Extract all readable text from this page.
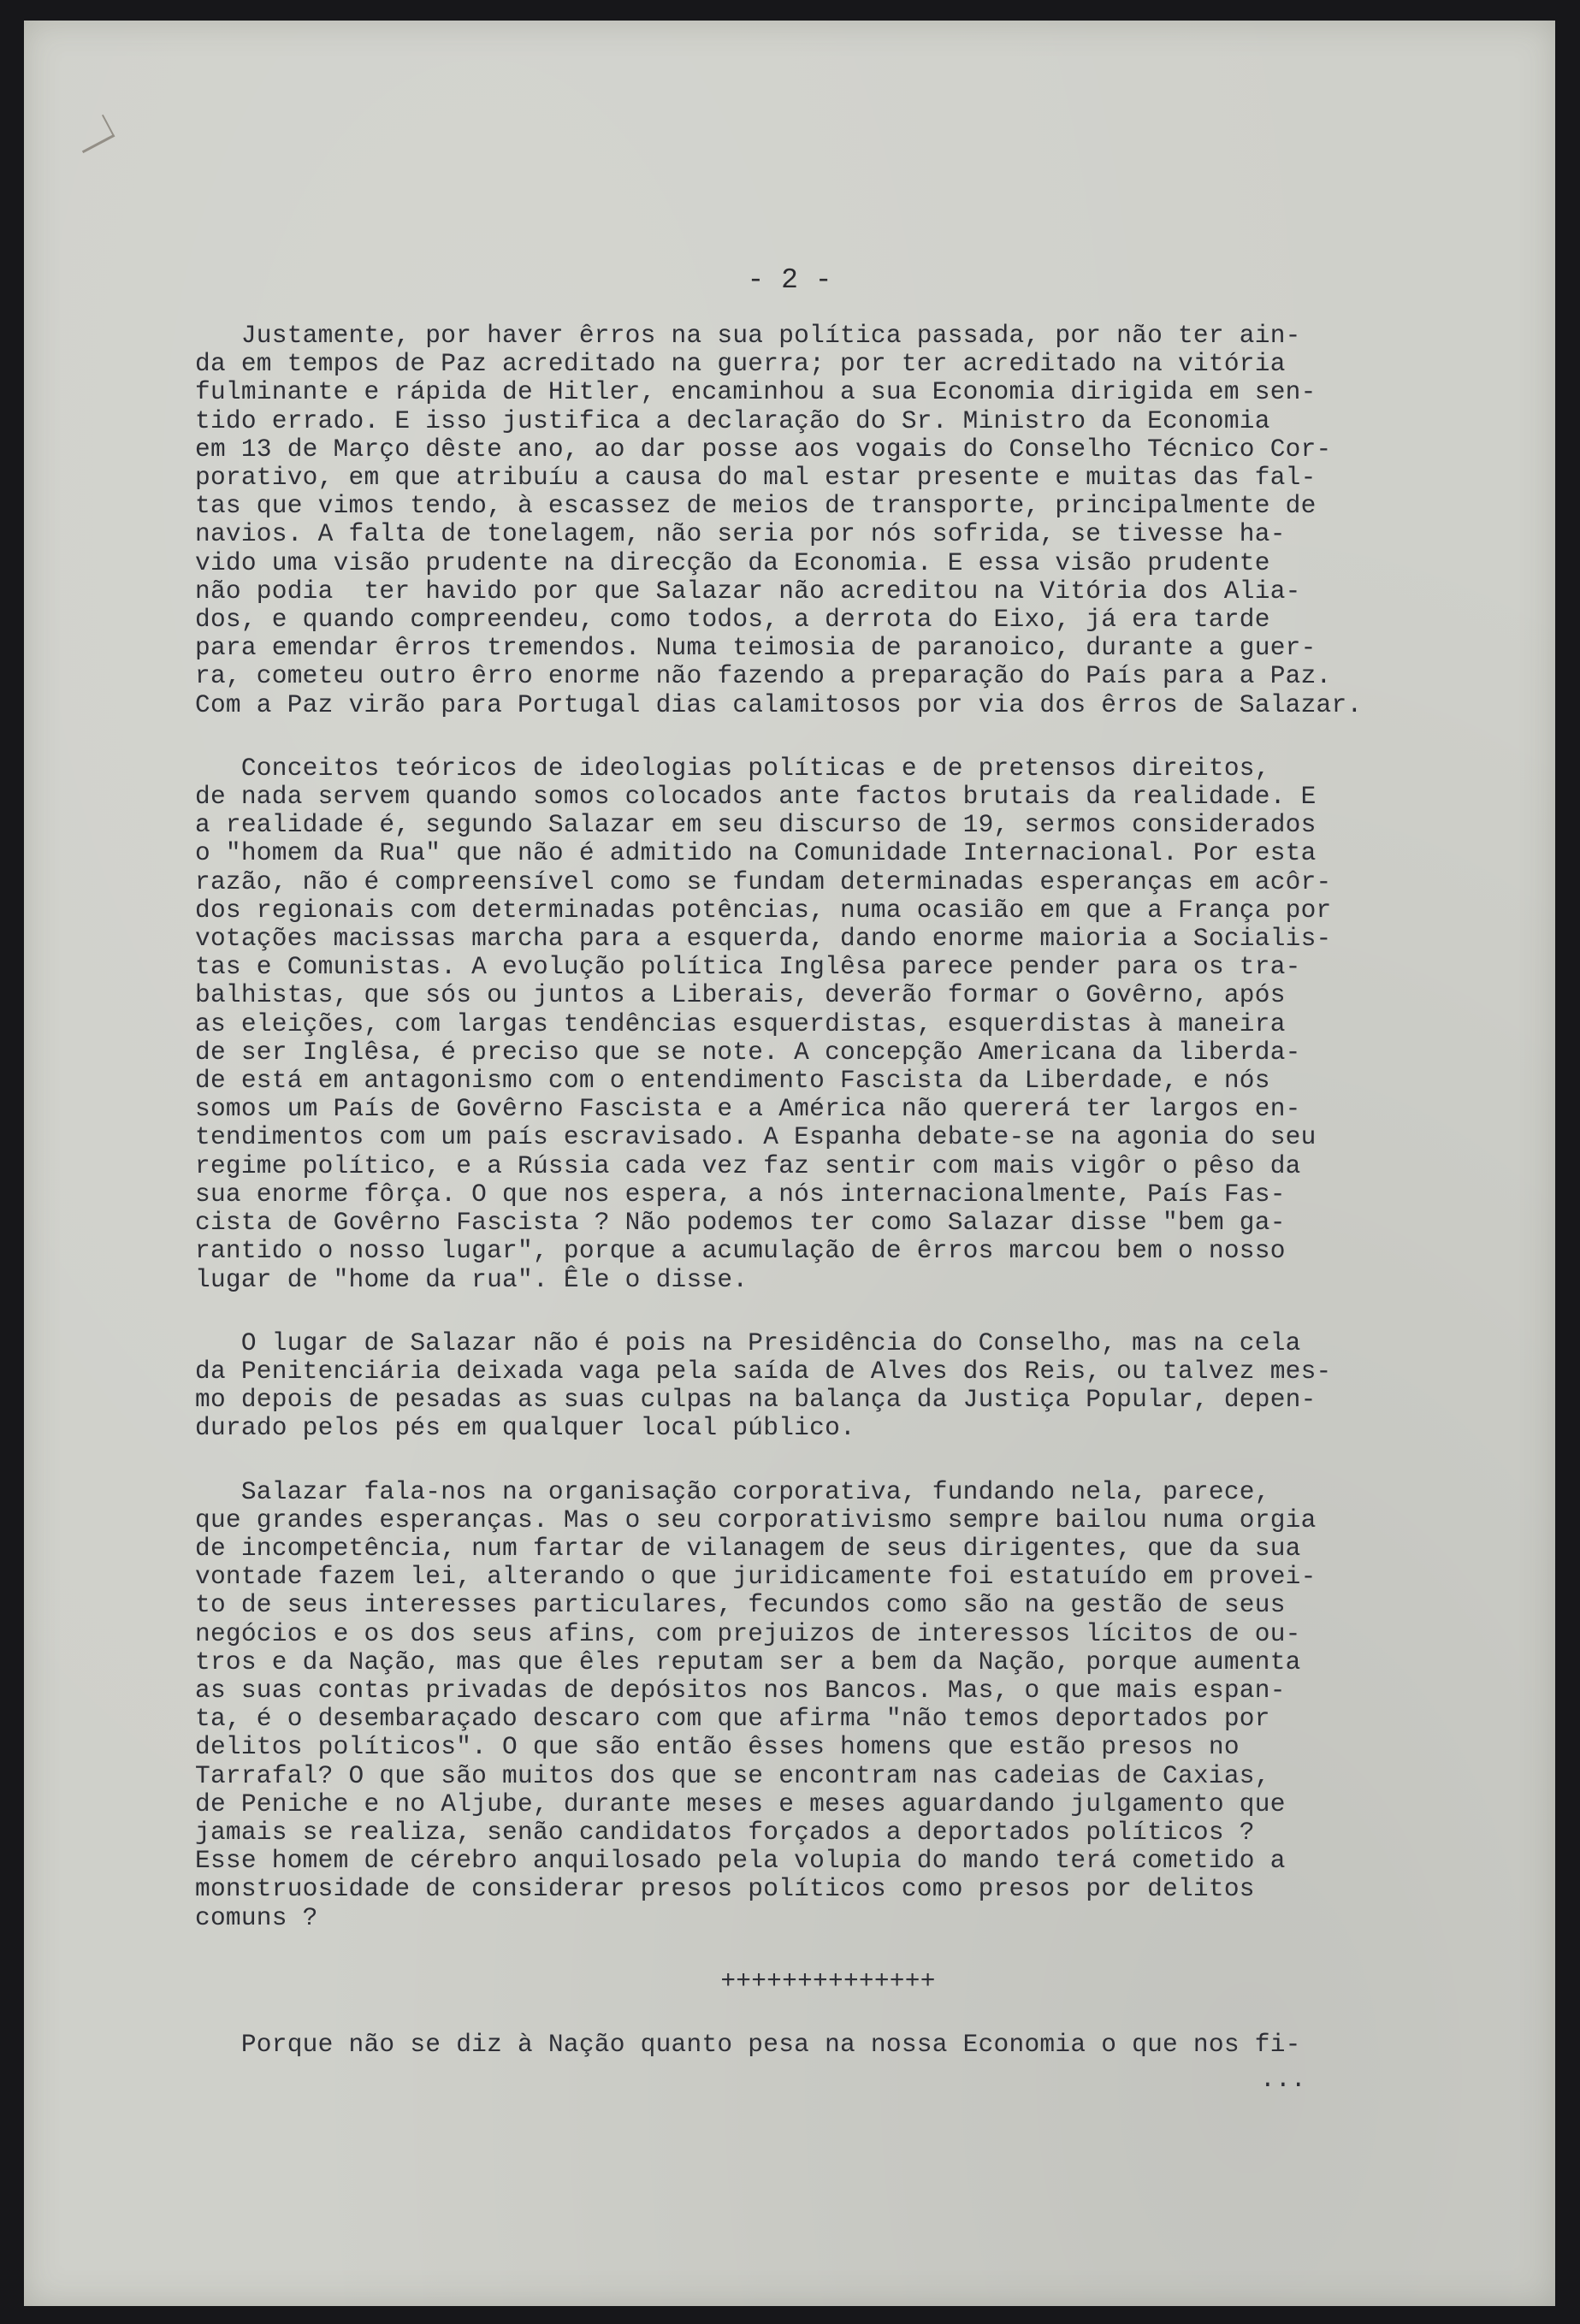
- 2 -
Justamente, por haver êrros na sua política passada, por não ter ain-
da em tempos de Paz acreditado na guerra; por ter acreditado na vitória
fulminante e rápida de Hitler, encaminhou a sua Economia dirigida em sen-
tido errado. E isso justifica a declaração do Sr. Ministro da Economia
em 13 de Março dêste ano, ao dar posse aos vogais do Conselho Técnico Cor-
porativo, em que atribuíu a causa do mal estar presente e muitas das fal-
tas que vimos tendo, à escassez de meios de transporte, principalmente de
navios. A falta de tonelagem, não seria por nós sofrida, se tivesse ha-
vido uma visão prudente na direcção da Economia. E essa visão prudente
não podia  ter havido por que Salazar não acreditou na Vitória dos Alia-
dos, e quando compreendeu, como todos, a derrota do Eixo, já era tarde
para emendar êrros tremendos. Numa teimosia de paranoico, durante a guer-
ra, cometeu outro êrro enorme não fazendo a preparação do País para a Paz.
Com a Paz virão para Portugal dias calamitosos por via dos êrros de Salazar.
Conceitos teóricos de ideologias políticas e de pretensos direitos,
de nada servem quando somos colocados ante factos brutais da realidade. E
a realidade é, segundo Salazar em seu discurso de 19, sermos considerados
o "homem da Rua" que não é admitido na Comunidade Internacional. Por esta
razão, não é compreensível como se fundam determinadas esperanças em acôr-
dos regionais com determinadas potências, numa ocasião em que a França por
votações macissas marcha para a esquerda, dando enorme maioria a Socialis-
tas e Comunistas. A evolução política Inglêsa parece pender para os tra-
balhistas, que sós ou juntos a Liberais, deverão formar o Govêrno, após
as eleições, com largas tendências esquerdistas, esquerdistas à maneira
de ser Inglêsa, é preciso que se note. A concepção Americana da liberda-
de está em antagonismo com o entendimento Fascista da Liberdade, e nós
somos um País de Govêrno Fascista e a América não quererá ter largos en-
tendimentos com um país escravisado. A Espanha debate-se na agonia do seu
regime político, e a Rússia cada vez faz sentir com mais vigôr o pêso da
sua enorme fôrça. O que nos espera, a nós internacionalmente, País Fas-
cista de Govêrno Fascista ? Não podemos ter como Salazar disse "bem ga-
rantido o nosso lugar", porque a acumulação de êrros marcou bem o nosso
lugar de "home da rua". Êle o disse.
O lugar de Salazar não é pois na Presidência do Conselho, mas na cela
da Penitenciária deixada vaga pela saída de Alves dos Reis, ou talvez mes-
mo depois de pesadas as suas culpas na balança da Justiça Popular, depen-
durado pelos pés em qualquer local público.
Salazar fala-nos na organisação corporativa, fundando nela, parece,
que grandes esperanças. Mas o seu corporativismo sempre bailou numa orgia
de incompetência, num fartar de vilanagem de seus dirigentes, que da sua
vontade fazem lei, alterando o que juridicamente foi estatuído em provei-
to de seus interesses particulares, fecundos como são na gestão de seus
negócios e os dos seus afins, com prejuizos de interessos lícitos de ou-
tros e da Nação, mas que êles reputam ser a bem da Nação, porque aumenta
as suas contas privadas de depósitos nos Bancos. Mas, o que mais espan-
ta, é o desembaraçado descaro com que afirma "não temos deportados por
delitos políticos". O que são então êsses homens que estão presos no
Tarrafal? O que são muitos dos que se encontram nas cadeias de Caxias,
de Peniche e no Aljube, durante meses e meses aguardando julgamento que
jamais se realiza, senão candidatos forçados a deportados políticos ?
Esse homem de cérebro anquilosado pela volupia do mando terá cometido a
monstruosidade de considerar presos políticos como presos por delitos
comuns ?
++++++++++++++
Porque não se diz à Nação quanto pesa na nossa Economia o que nos fi-
...
